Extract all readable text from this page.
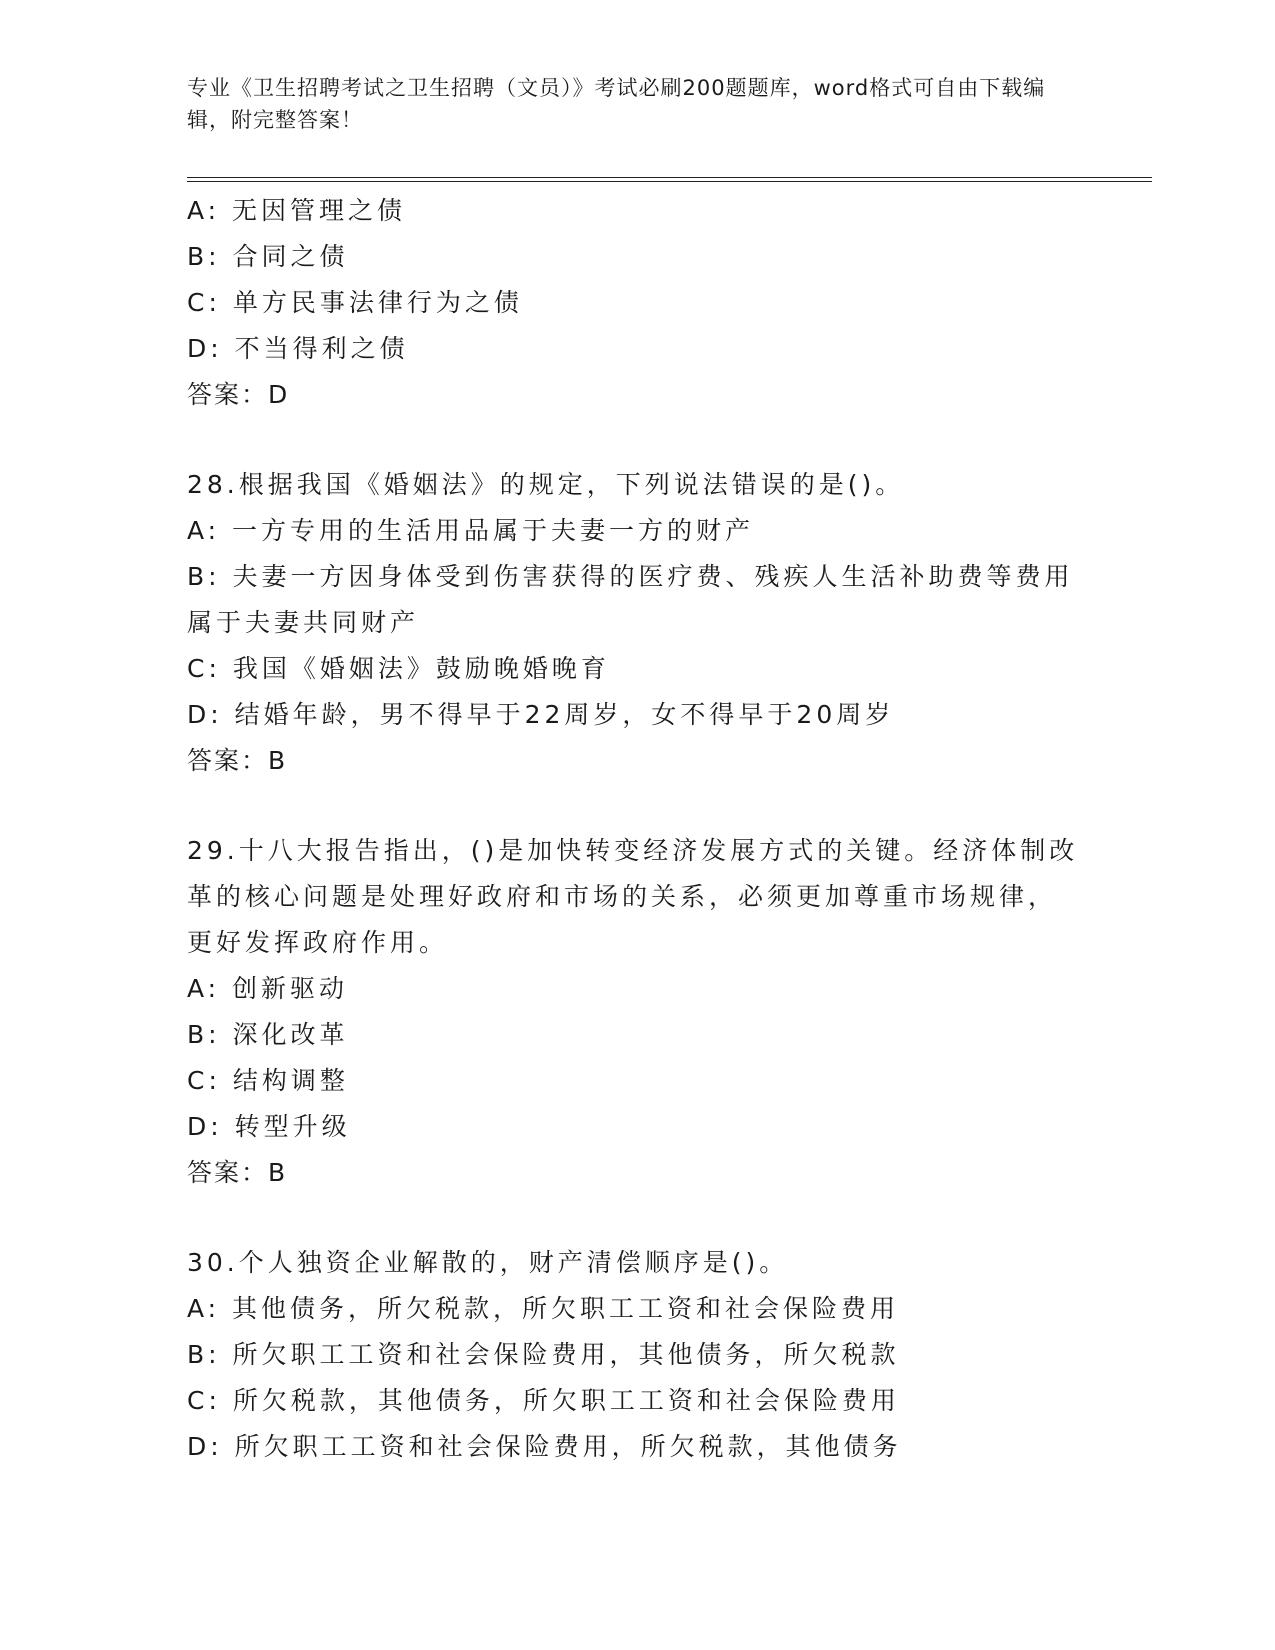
专业《卫生招聘考试之卫生招聘（文员）》考试必刷200题题库，word格式可自由下载编辑，附完整答案！
A: 无因管理之债
B: 合同之债
C: 单方民事法律行为之债
D: 不当得利之债
答案：D
28.根据我国《婚姻法》的规定，下列说法错误的是()。
A: 一方专用的生活用品属于夫妻一方的财产
B: 夫妻一方因身体受到伤害获得的医疗费、残疾人生活补助费等费用
属于夫妻共同财产
C: 我国《婚姻法》鼓励晚婚晚育
D: 结婚年龄，男不得早于22周岁，女不得早于20周岁
答案：B
29.十八大报告指出，()是加快转变经济发展方式的关键。经济体制改
革的核心问题是处理好政府和市场的关系，必须更加尊重市场规律，
更好发挥政府作用。
A: 创新驱动
B: 深化改革
C: 结构调整
D: 转型升级
答案：B
30.个人独资企业解散的，财产清偿顺序是()。
A: 其他债务，所欠税款，所欠职工工资和社会保险费用
B: 所欠职工工资和社会保险费用，其他债务，所欠税款
C: 所欠税款，其他债务，所欠职工工资和社会保险费用
D: 所欠职工工资和社会保险费用，所欠税款，其他债务
